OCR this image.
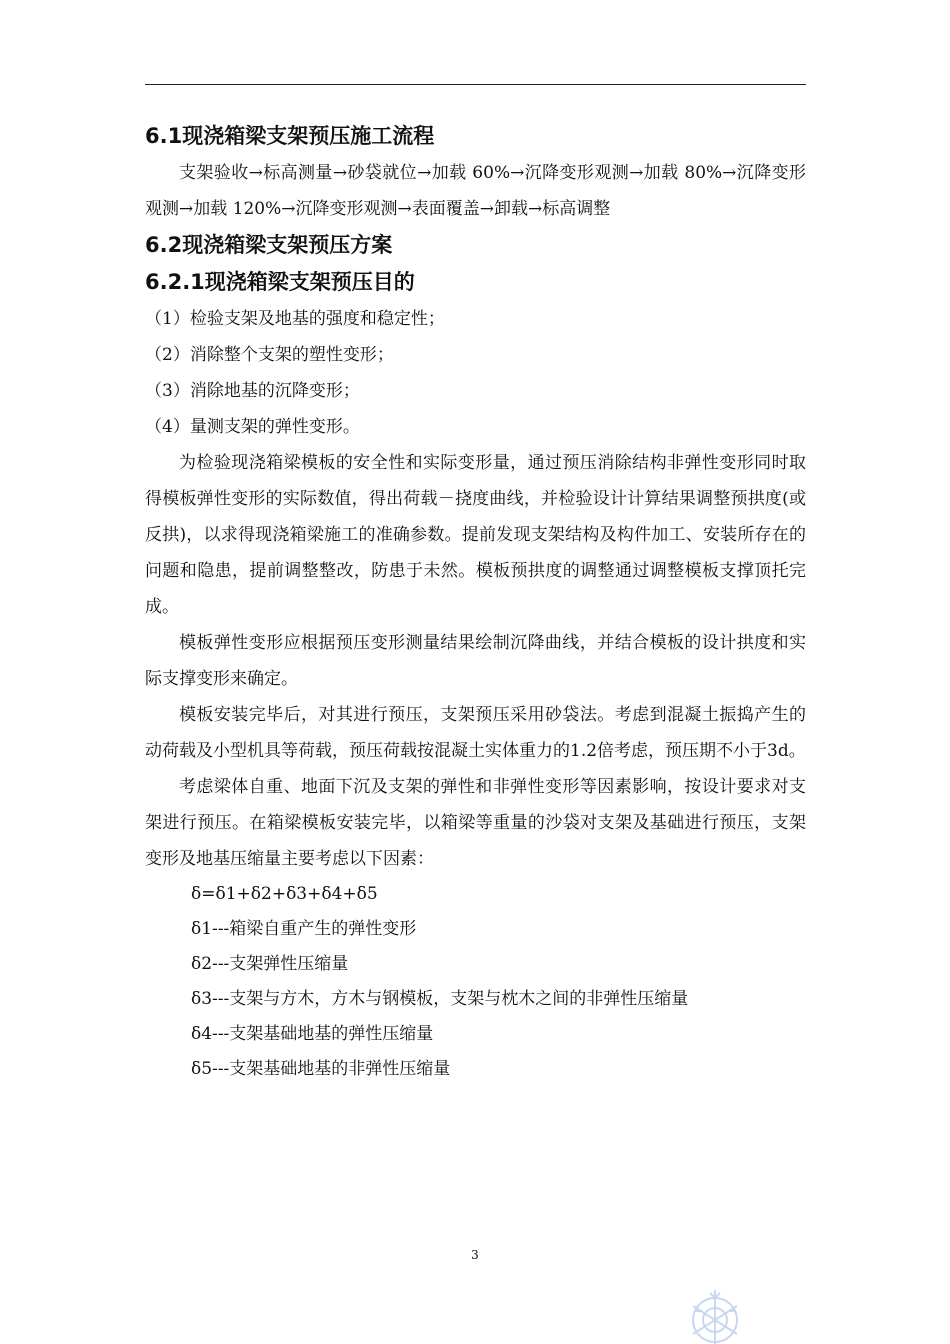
6.1现浇箱梁支架预压施工流程

支架验收→标高测量→砂袋就位→加载 60%→沉降变形观测→加载 80%→沉降变形观测→加载 120%→沉降变形观测→表面覆盖→卸载→标高调整

6.2现浇箱梁支架预压方案
6.2.1现浇箱梁支架预压目的

（1）检验支架及地基的强度和稳定性；

（2）消除整个支架的塑性变形；

（3）消除地基的沉降变形；

（4）量测支架的弹性变形。

为检验现浇箱梁模板的安全性和实际变形量，通过预压消除结构非弹性变形同时取得模板弹性变形的实际数值，得出荷载－挠度曲线，并检验设计计算结果调整预拱度(或反拱)，以求得现浇箱梁施工的准确参数。提前发现支架结构及构件加工、安装所存在的问题和隐患，提前调整整改，防患于未然。模板预拱度的调整通过调整模板支撑顶托完成。

模板弹性变形应根据预压变形测量结果绘制沉降曲线，并结合模板的设计拱度和实际支撑变形来确定。

模板安装完毕后，对其进行预压，支架预压采用砂袋法。考虑到混凝土振捣产生的动荷载及小型机具等荷载，预压荷载按混凝土实体重力的1.2倍考虑，预压期不小于3d。

考虑梁体自重、地面下沉及支架的弹性和非弹性变形等因素影响，按设计要求对支架进行预压。在箱梁模板安装完毕，以箱梁等重量的沙袋对支架及基础进行预压，支架变形及地基压缩量主要考虑以下因素：

δ=δ1+δ2+δ3+δ4+δ5

δ1---箱梁自重产生的弹性变形

δ2---支架弹性压缩量

δ3---支架与方木，方木与钢模板，支架与枕木之间的非弹性压缩量

δ4---支架基础地基的弹性压缩量

δ5---支架基础地基的非弹性压缩量

3
